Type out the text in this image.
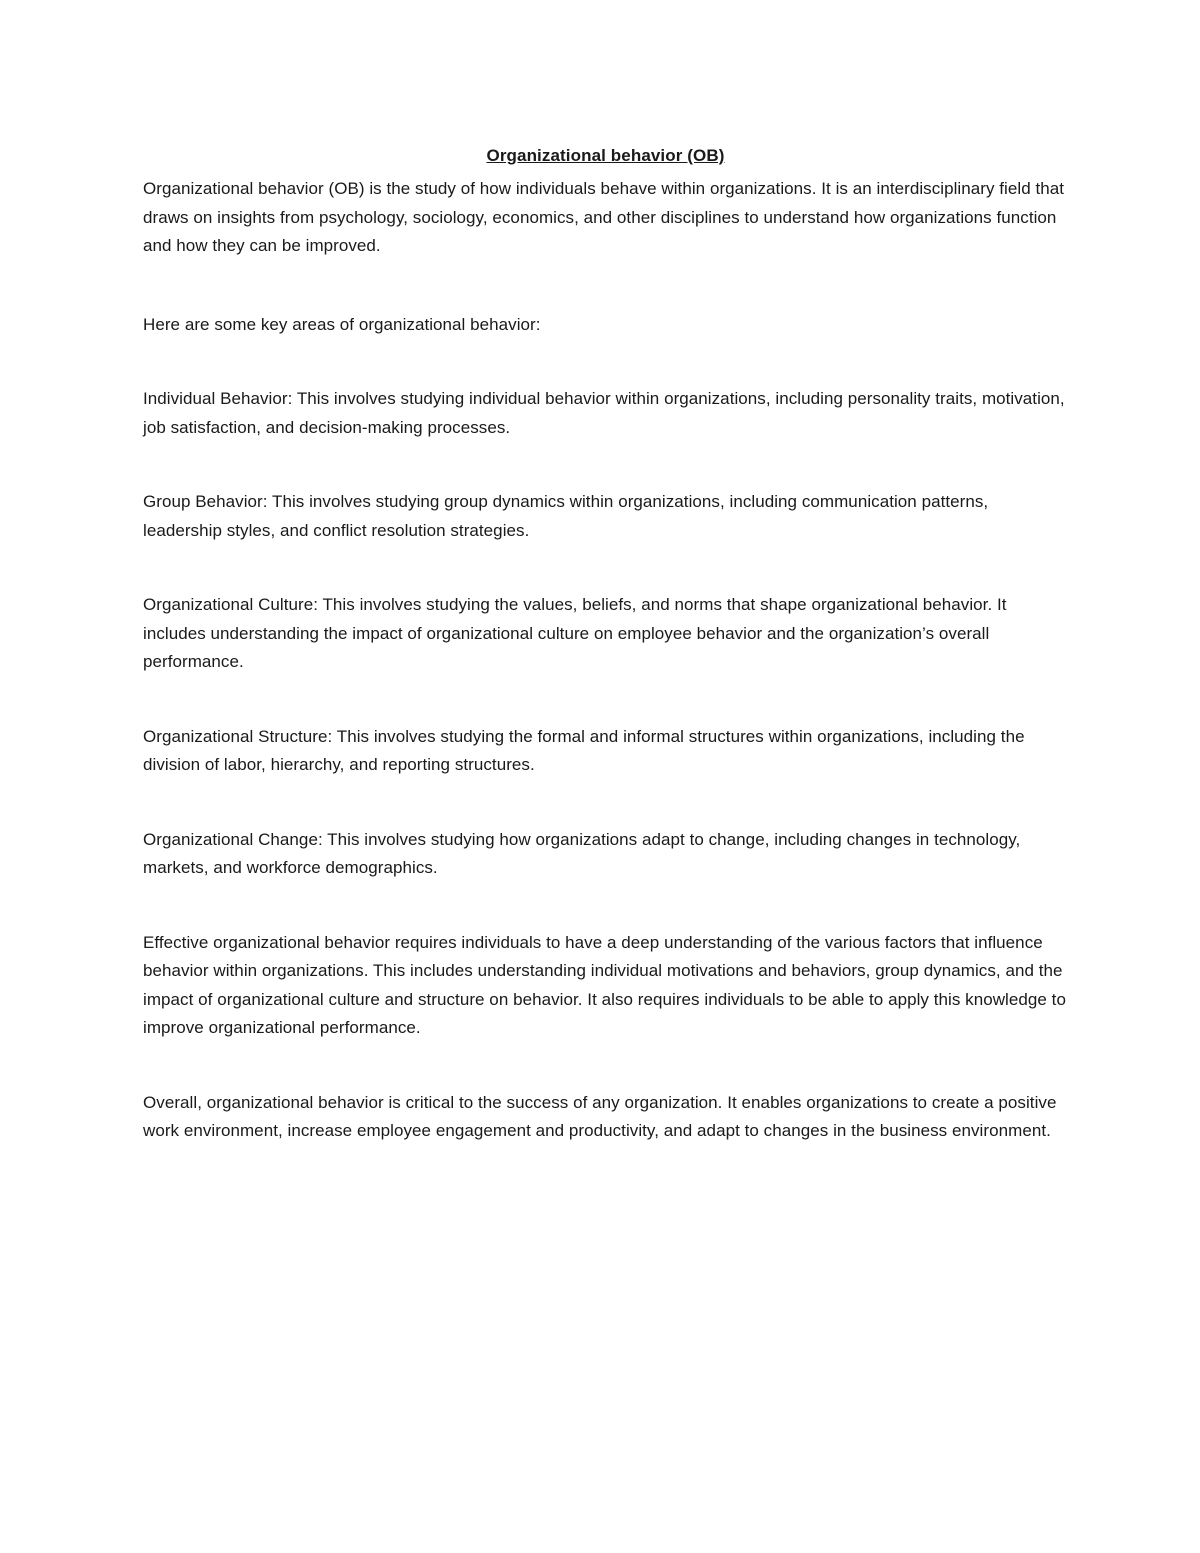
Organizational behavior (OB)

Organizational behavior (OB) is the study of how individuals behave within organizations. It is an interdisciplinary field that draws on insights from psychology, sociology, economics, and other disciplines to understand how organizations function and how they can be improved.

Here are some key areas of organizational behavior:

Individual Behavior: This involves studying individual behavior within organizations, including personality traits, motivation, job satisfaction, and decision-making processes.

Group Behavior: This involves studying group dynamics within organizations, including communication patterns, leadership styles, and conflict resolution strategies.

Organizational Culture: This involves studying the values, beliefs, and norms that shape organizational behavior. It includes understanding the impact of organizational culture on employee behavior and the organization’s overall performance.

Organizational Structure: This involves studying the formal and informal structures within organizations, including the division of labor, hierarchy, and reporting structures.

Organizational Change: This involves studying how organizations adapt to change, including changes in technology, markets, and workforce demographics.

Effective organizational behavior requires individuals to have a deep understanding of the various factors that influence behavior within organizations. This includes understanding individual motivations and behaviors, group dynamics, and the impact of organizational culture and structure on behavior. It also requires individuals to be able to apply this knowledge to improve organizational performance.

Overall, organizational behavior is critical to the success of any organization. It enables organizations to create a positive work environment, increase employee engagement and productivity, and adapt to changes in the business environment.
